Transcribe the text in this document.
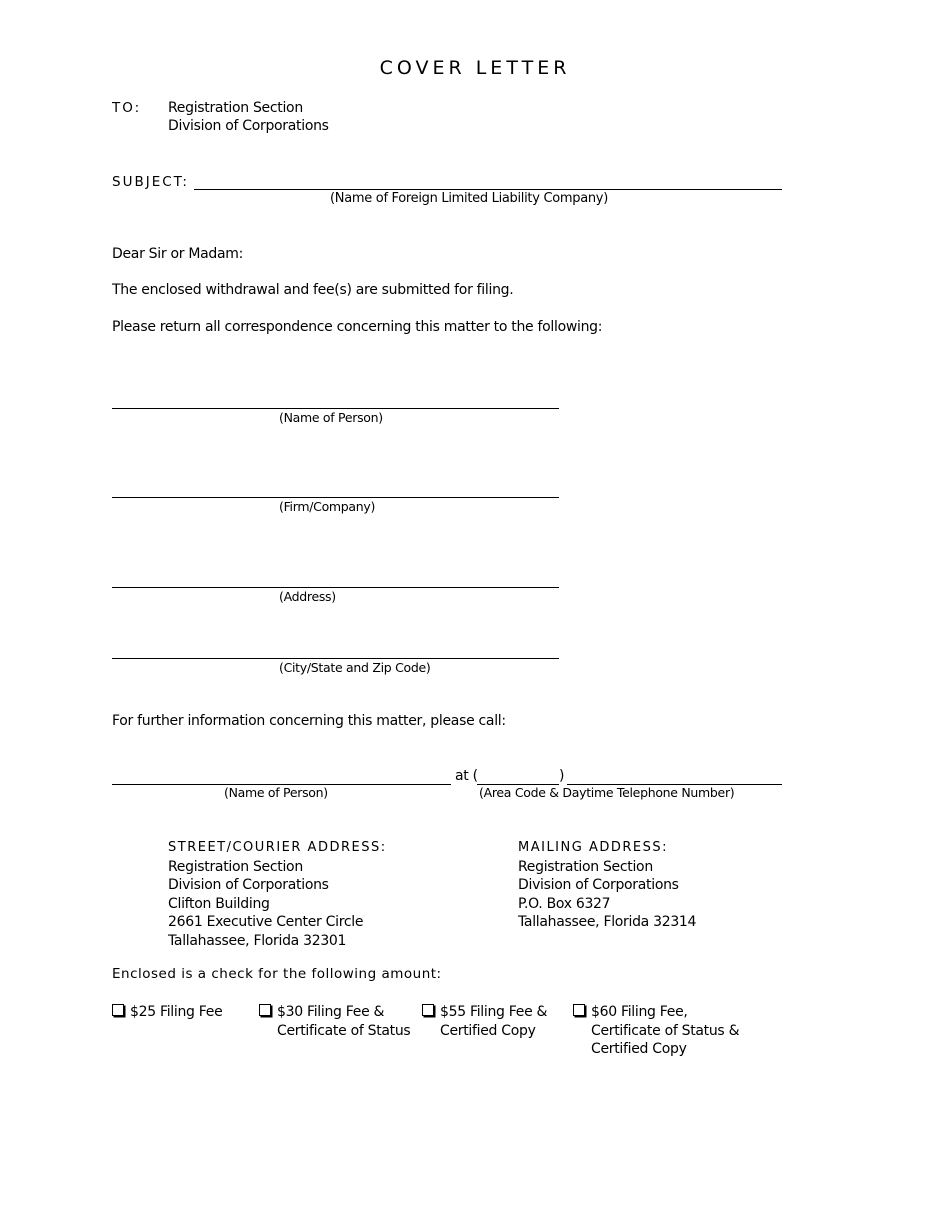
COVER LETTER
TO: Registration Section
Division of Corporations
SUBJECT:
(Name of Foreign Limited Liability Company)
Dear Sir or Madam:
The enclosed withdrawal and fee(s) are submitted for filing.
Please return all correspondence concerning this matter to the following:
(Name of Person)
(Firm/Company)
(Address)
(City/State and Zip Code)
For further information concerning this matter, please call:
at (	)
(Name of Person)	(Area Code & Daytime Telephone Number)
STREET/COURIER ADDRESS:
Registration Section
Division of Corporations
Clifton Building
2661 Executive Center Circle
Tallahassee, Florida 32301
MAILING ADDRESS:
Registration Section
Division of Corporations
P.O. Box 6327
Tallahassee, Florida 32314
Enclosed is a check for the following amount:
$25 Filing Fee	$30 Filing Fee &
Certificate of Status
$55 Filing Fee &
Certified Copy
$60 Filing Fee,
Certificate of Status &
Certified Copy
